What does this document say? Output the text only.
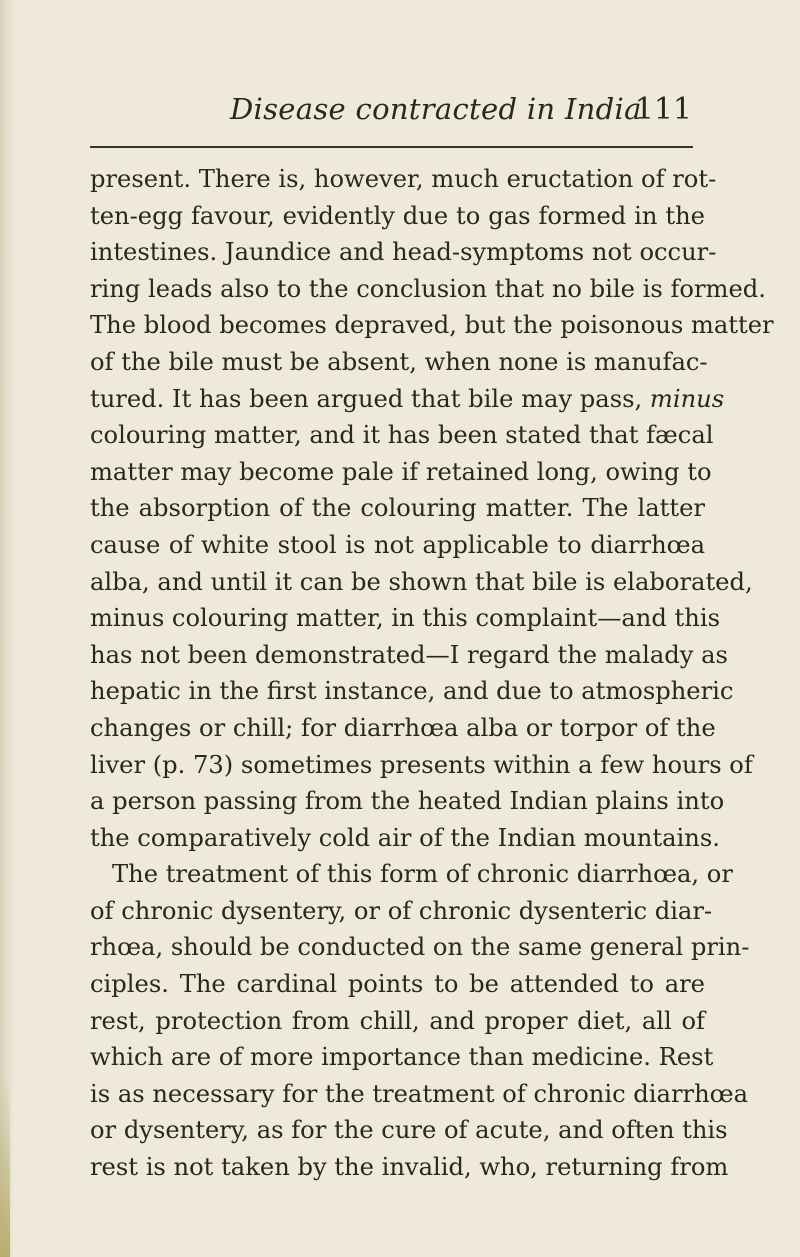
Disease contracted in India
111
present. There is, however, much eructation of rot-
ten-egg favour, evidently due to gas formed in the
intestines. Jaundice and head-symptoms not occur-
ring leads also to the conclusion that no bile is formed.
The blood becomes depraved, but the poisonous matter
of the bile must be absent, when none is manufac-
tured. It has been argued that bile may pass, minus
colouring matter, and it has been stated that fæcal
matter may become pale if retained long, owing to
the absorption of the colouring matter. The latter
cause of white stool is not applicable to diarrhœa
alba, and until it can be shown that bile is elaborated,
minus colouring matter, in this complaint—and this
has not been demonstrated—I regard the malady as
hepatic in the first instance, and due to atmospheric
changes or chill; for diarrhœa alba or torpor of the
liver (p. 73) sometimes presents within a few hours of
a person passing from the heated Indian plains into
the comparatively cold air of the Indian mountains.
The treatment of this form of chronic diarrhœa, or
of chronic dysentery, or of chronic dysenteric diar-
rhœa, should be conducted on the same general prin-
ciples. The cardinal points to be attended to are
rest, protection from chill, and proper diet, all of
which are of more importance than medicine. Rest
is as necessary for the treatment of chronic diarrhœa
or dysentery, as for the cure of acute, and often this
rest is not taken by the invalid, who, returning from
